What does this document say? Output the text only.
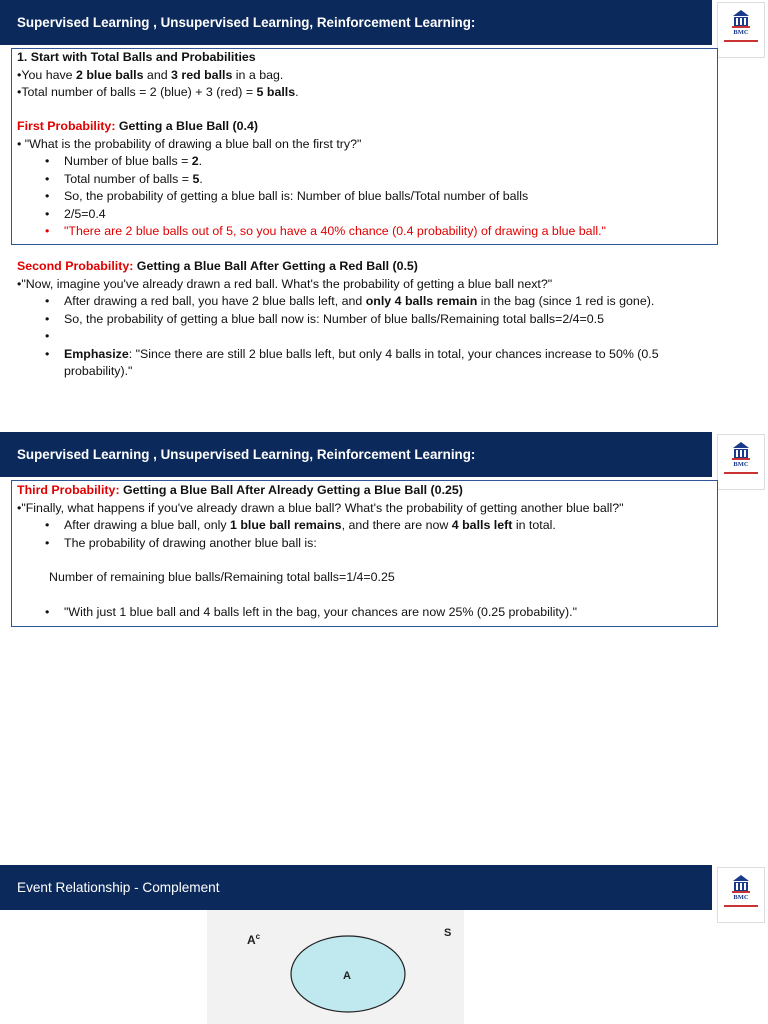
Supervised Learning , Unsupervised Learning, Reinforcement Learning:
BMC
1. Start with Total Balls and Probabilities
•You have 2 blue balls and 3 red balls in a bag.
•Total number of balls = 2 (blue) + 3 (red) = 5 balls.
First Probability: Getting a Blue Ball (0.4)
• "What is the probability of drawing a blue ball on the first try?"
• Number of blue balls = 2.
• Total number of balls = 5.
• So, the probability of getting a blue ball is: Number of blue balls/Total number of balls
• 2/5=0.4
• "There are 2 blue balls out of 5, so you have a 40% chance (0.4 probability) of drawing a blue ball."
Second Probability: Getting a Blue Ball After Getting a Red Ball (0.5)
•"Now, imagine you've already drawn a red ball. What's the probability of getting a blue ball next?"
• After drawing a red ball, you have 2 blue balls left, and only 4 balls remain in the bag (since 1 red is gone).
• So, the probability of getting a blue ball now is: Number of blue balls/Remaining total balls=2/4=0.5
•
• Emphasize: "Since there are still 2 blue balls left, but only 4 balls in total, your chances increase to 50% (0.5
probability)."
Supervised Learning , Unsupervised Learning, Reinforcement Learning:
BMC
Third Probability: Getting a Blue Ball After Already Getting a Blue Ball (0.25)
•"Finally, what happens if you've already drawn a blue ball? What's the probability of getting another blue ball?"
• After drawing a blue ball, only 1 blue ball remains, and there are now 4 balls left in total.
• The probability of drawing another blue ball is:
Number of remaining blue balls/Remaining total balls=1/4=0.25
• "With just 1 blue ball and 4 balls left in the bag, your chances are now 25% (0.25 probability)."
Event Relationship - Complement
BMC
$A^c$	S
A
